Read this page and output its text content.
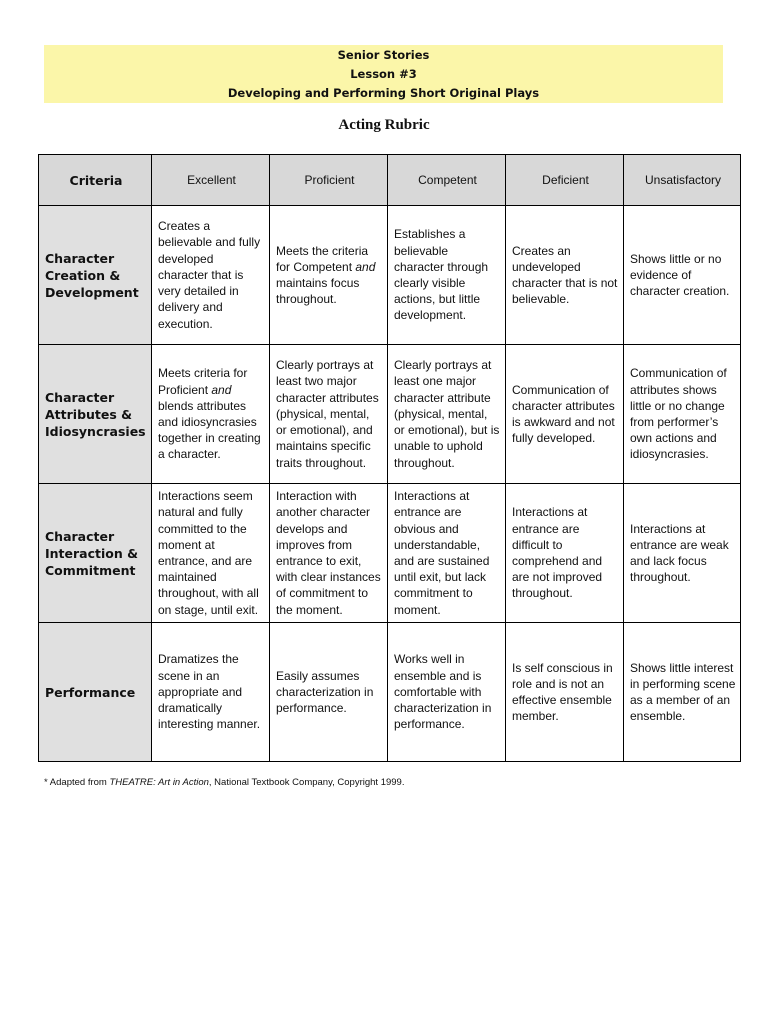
Senior Stories
Lesson #3
Developing and Performing Short Original Plays
Acting Rubric
Criteria	Excellent	Proficient	Competent	Deficient	Unsatisfactory
Character Creation & Development	Creates a believable and fully developed character that is very detailed in delivery and execution.	Meets the criteria for Competent and maintains focus throughout.	Establishes a believable character through clearly visible actions, but little development.	Creates an undeveloped character that is not believable.	Shows little or no evidence of character creation.
Character Attributes & Idiosyncrasies	Meets criteria for Proficient and blends attributes and idiosyncrasies together in creating a character.	Clearly portrays at least two major character attributes (physical, mental, or emotional), and maintains specific traits throughout.	Clearly portrays at least one major character attribute (physical, mental, or emotional), but is unable to uphold throughout.	Communication of character attributes is awkward and not fully developed.	Communication of attributes shows little or no change from performer’s own actions and idiosyncrasies.
Character Interaction & Commitment	Interactions seem natural and fully committed to the moment at entrance, and are maintained throughout, with all on stage, until exit.	Interaction with another character develops and improves from entrance to exit, with clear instances of commitment to the moment.	Interactions at entrance are obvious and understandable, and are sustained until exit, but lack commitment to moment.	Interactions at entrance are difficult to comprehend and are not improved throughout.	Interactions at entrance are weak and lack focus throughout.
Performance	Dramatizes the scene in an appropriate and dramatically interesting manner.	Easily assumes characterization in performance.	Works well in ensemble and is comfortable with characterization in performance.	Is self conscious in role and is not an effective ensemble member.	Shows little interest in performing scene as a member of an ensemble.
* Adapted from THEATRE: Art in Action, National Textbook Company, Copyright 1999.
